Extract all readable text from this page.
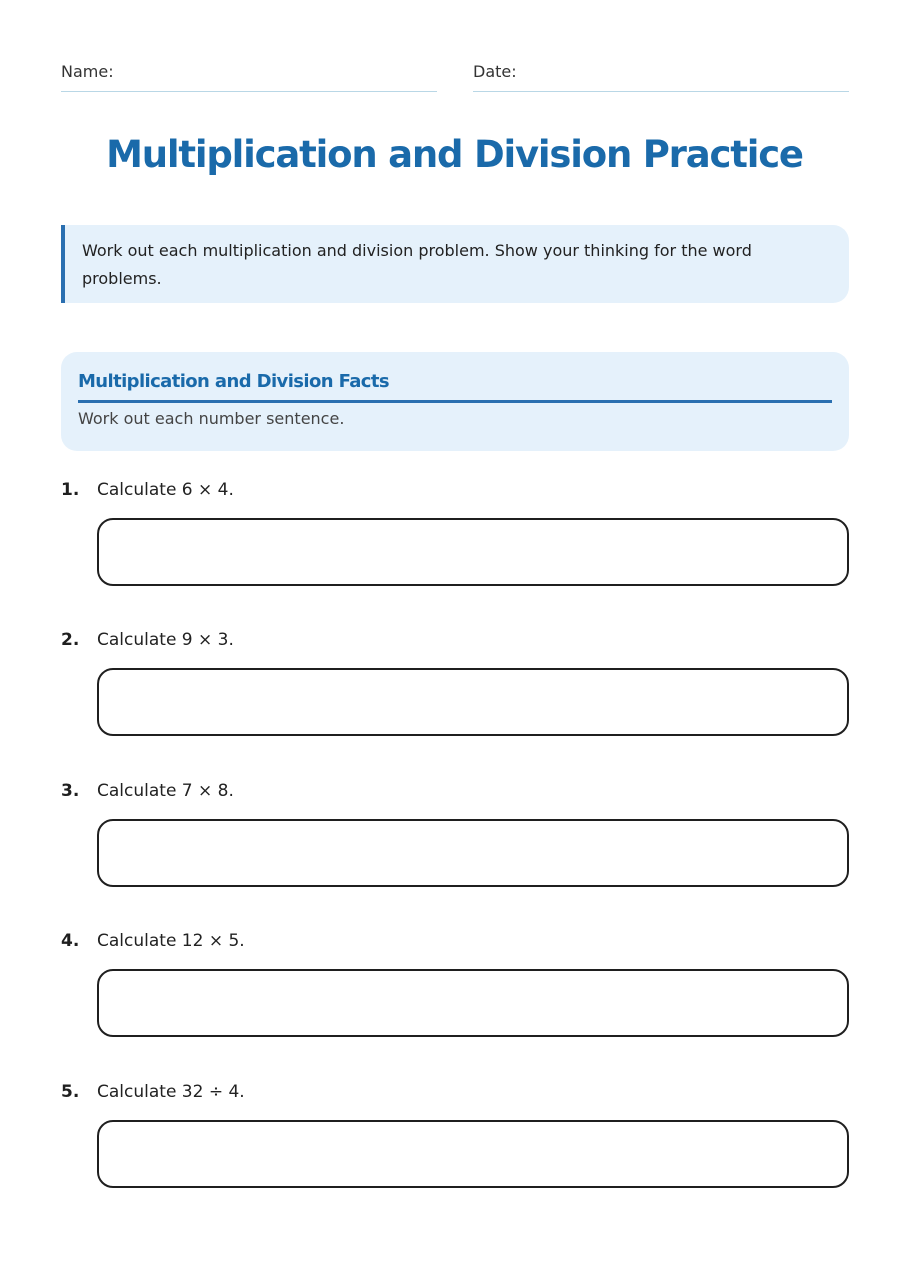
Name:	Date:
Multiplication and Division Practice
Work out each multiplication and division problem. Show your thinking for the word problems.
Multiplication and Division Facts
Work out each number sentence.
1. Calculate 6 × 4.
2. Calculate 9 × 3.
3. Calculate 7 × 8.
4. Calculate 12 × 5.
5. Calculate 32 ÷ 4.
